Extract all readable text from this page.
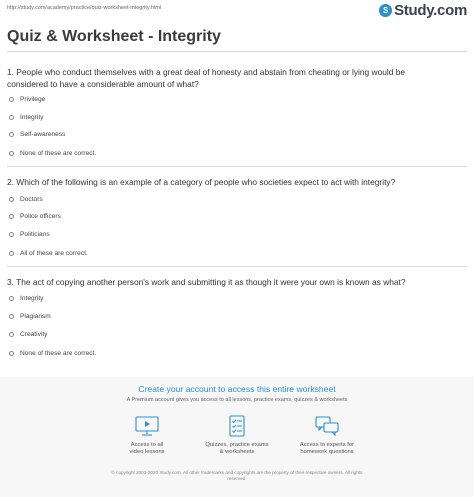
http://study.com/academy/practice/quiz-worksheet-integrity.html	S Study.com
Quiz & Worksheet - Integrity
1. People who conduct themselves with a great deal of honesty and abstain from cheating or lying would be
considered to have a considerable amount of what?
Privilege
Integrity
Self-awareness
None of these are correct.
2. Which of the following is an example of a category of people who societies expect to act with integrity?
Doctors
Police officers
Politicians
All of these are correct.
3. The act of copying another person's work and submitting it as though it were your own is known as what?
Integrity
Plagiarism
Creativity
None of these are correct.
Create your account to access this entire worksheet
A Premium account gives you access to all lessons, practice exams, quizzes & worksheets
Access to all
video lessons
Quizzes, practice exams
& worksheets
Access to experts for
homework questions
© copyright 2003-2020 Study.com. All other trademarks and copyrights are the property of their respective owners. All rights
reserved.
